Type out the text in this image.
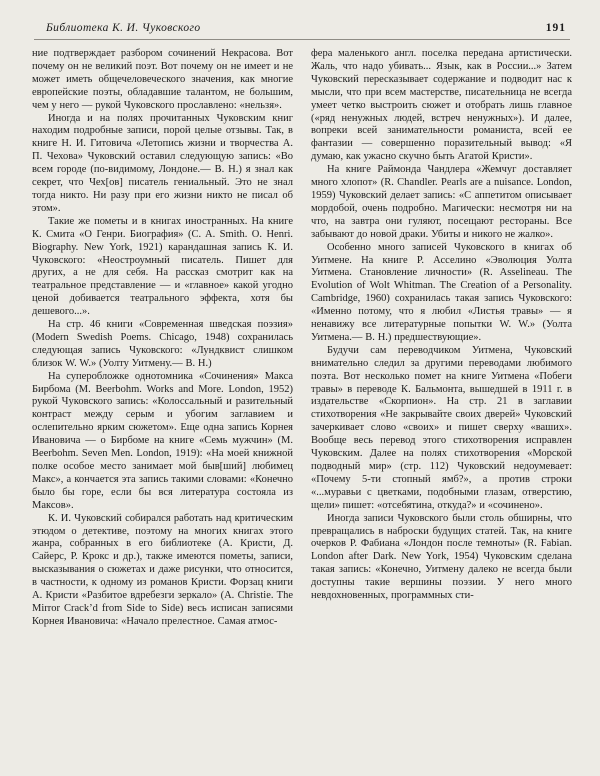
Библиотека К. И. Чуковского	191

ние подтверждает разбором сочинений Некрасова. Вот почему он не великий поэт. Вот почему он не имеет и не может иметь общечеловеческого значения, как многие европейские поэты, обладавшие талантом, не большим, чем у него — рукой Чуковского прославлено: «нельзя».

Иногда и на полях прочитанных Чуковским книг находим подробные записи, порой целые отзывы. Так, в книге Н. И. Гитовича «Летопись жизни и творчества А. П. Чехова» Чуковский оставил следующую запись: «Во всем городе (по-видимому, Лондоне.— В. Н.) я знал как секрет, что Чех[ов] писатель гениальный. Это не знал тогда никто. Ни разу при его жизни никто не писал об этом».

Такие же пометы и в книгах иностранных. На книге К. Смита «О Генри. Биография» (C. A. Smith. O. Henri. Biography. New York, 1921) карандашная запись К. И. Чуковского: «Неостроумный писатель. Пишет для других, а не для себя. На рассказ смотрит как на театральное представление — и «главное» какой угодно ценой добивается театрального эффекта, хотя бы дешевого...».

На стр. 46 книги «Современная шведская поэзия» (Modern Swedish Poems. Chicago, 1948) сохранилась следующая запись Чуковского: «Лундквист слишком близок W. W.» (Уолту Уитмену.— В. Н.)

На суперобложке однотомника «Сочинения» Макса Бирбома (M. Beerbohm. Works and More. London, 1952) рукой Чуковского запись: «Колоссальный и разительный контраст между серым и убогим заглавием и ослепительно ярким сюжетом». Еще одна запись Корнея Ивановича — о Бирбоме на книге «Семь мужчин» (M. Beerbohm. Seven Men. London, 1919): «На моей книжной полке особое место занимает мой быв[ший] любимец Макс», а кончается эта запись такими словами: «Конечно было бы горе, если бы вся литература состояла из Максов».

К. И. Чуковский собирался работать над критическим этюдом о детективе, поэтому на многих книгах этого жанра, собранных в его библиотеке (А. Кристи, Д. Сайерс, Р. Крокс и др.), также имеются пометы, записи, высказывания о сюжетах и даже рисунки, что относится, в частности, к одному из романов Кристи. Форзац книги А. Кристи «Разбитое вдребезги зеркало» (A. Christie. The Mirror Crack’d from Side to Side) весь исписан записями Корнея Ивановича: «Начало прелестное. Самая атмос-

фера маленького англ. поселка передана артистически. Жаль, что надо убивать... Язык, как в России...» Затем Чуковский пересказывает содержание и подводит нас к мысли, что при всем мастерстве, писательница не всегда умеет четко выстроить сюжет и отобрать лишь главное («ряд ненужных людей, встреч ненужных»). И далее, вопреки всей занимательности романиста, всей ее фантазии — совершенно поразительный вывод: «Я думаю, как ужасно скучно быть Агатой Кристи».

На книге Раймонда Чандлера «Жемчуг доставляет много хлопот» (R. Chandler. Pearls are a nuisance. London, 1959) Чуковский делает запись: «С аппетитом описывает мордобой, очень подробно. Магически: несмотря ни на что, на завтра они гуляют, посещают рестораны. Все забывают до новой драки. Убиты и никого не жалко».

Особенно много записей Чуковского в книгах об Уитмене. На книге Р. Асселино «Эволюция Уолта Уитмена. Становление личности» (R. Asselineau. The Evolution of Wolt Whitman. The Creation of a Personality. Cambridge, 1960) сохранилась такая запись Чуковского: «Именно потому, что я любил «Листья травы» — я ненавижу все литературные попытки W. W.» (Уолта Уитмена.— В. Н.) предшествующие».

Будучи сам переводчиком Уитмена, Чуковский внимательно следил за другими переводами любимого поэта. Вот несколько помет на книге Уитмена «Побеги травы» в переводе К. Бальмонта, вышедшей в 1911 г. в издательстве «Скорпион». На стр. 21 в заглавии стихотворения «Не закрывайте своих дверей» Чуковский зачеркивает слово «своих» и пишет сверху «ваших». Вообще весь перевод этого стихотворения исправлен Чуковским. Далее на полях стихотворения «Морской подводный мир» (стр. 112) Чуковский недоумевает: «Почему 5-ти стопный ямб?», а против строки «...муравьи с цветками, подобными глазам, отверстию, щели» пишет: «отсебятина, откуда?» и «сочинено».

Иногда записи Чуковского были столь обширны, что превращались в наброски будущих статей. Так, на книге очерков Р. Фабиана «Лондон после темноты» (R. Fabian. London after Dark. New York, 1954) Чуковским сделана такая запись: «Конечно, Уитмену далеко не всегда были доступны такие вершины поэзии. У него много невдохновенных, программных сти-
